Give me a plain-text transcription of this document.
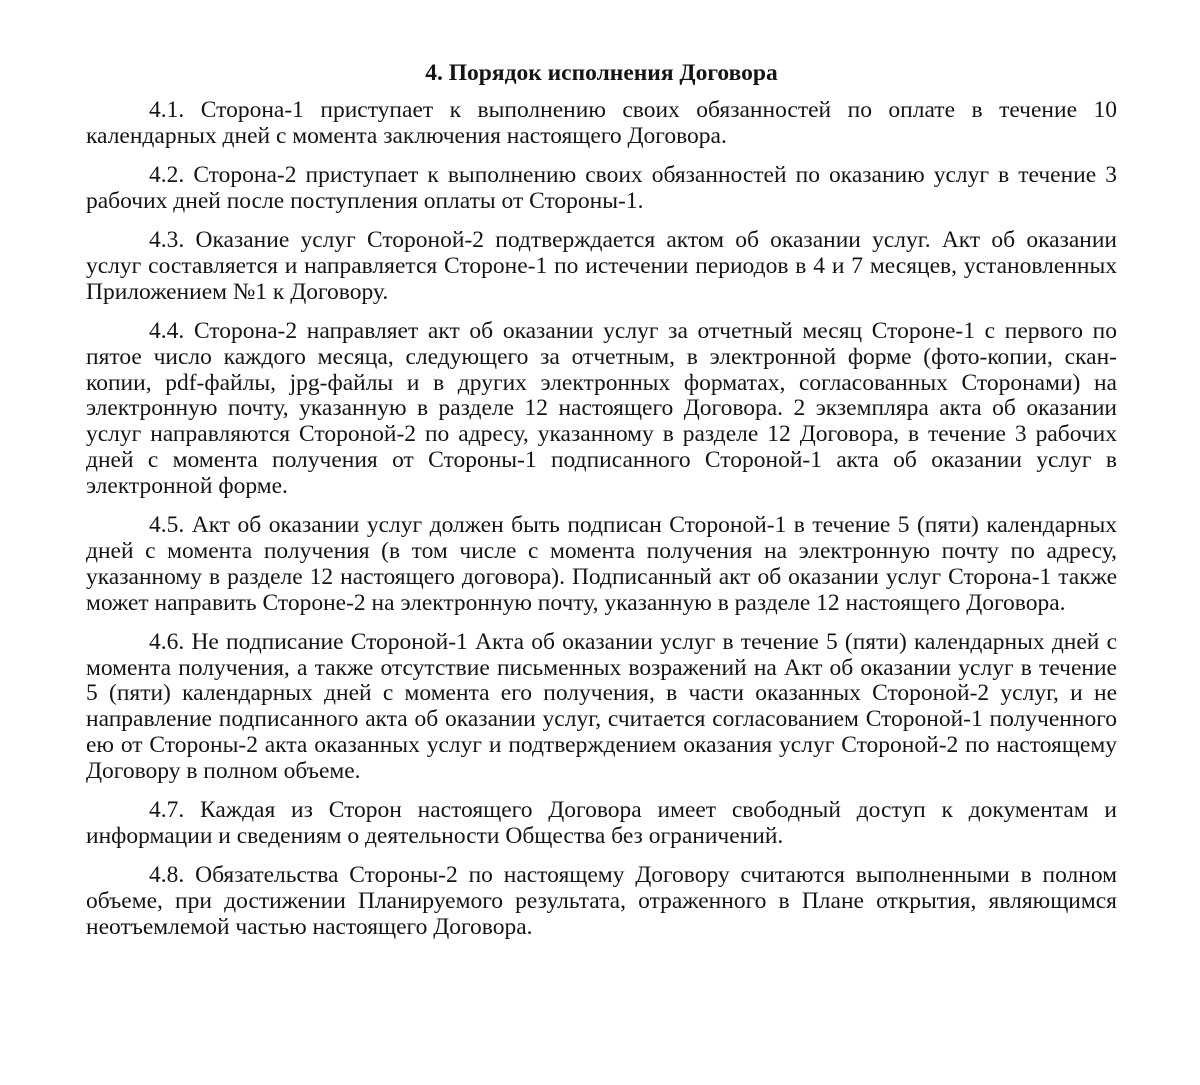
4. Порядок исполнения Договора

4.1. Сторона-1 приступает к выполнению своих обязанностей по оплате в течение 10 календарных дней с момента заключения настоящего Договора.

4.2. Сторона-2 приступает к выполнению своих обязанностей по оказанию услуг в течение 3 рабочих дней после поступления оплаты от Стороны-1.

4.3. Оказание услуг Стороной-2 подтверждается актом об оказании услуг. Акт об оказании услуг составляется и направляется Стороне-1 по истечении периодов в 4 и 7 месяцев, установленных Приложением №1 к Договору.

4.4. Сторона-2 направляет акт об оказании услуг за отчетный месяц Стороне-1 с первого по пятое число каждого месяца, следующего за отчетным, в электронной форме (фото-копии, скан-копии, pdf-файлы, jpg-файлы и в других электронных форматах, согласованных Сторонами) на электронную почту, указанную в разделе 12 настоящего Договора. 2 экземпляра акта об оказании услуг направляются Стороной-2 по адресу, указанному в разделе 12 Договора, в течение 3 рабочих дней с момента получения от Стороны-1 подписанного Стороной-1 акта об оказании услуг в электронной форме.

4.5. Акт об оказании услуг должен быть подписан Стороной-1 в течение 5 (пяти) календарных дней с момента получения (в том числе с момента получения на электронную почту по адресу, указанному в разделе 12 настоящего договора). Подписанный акт об оказании услуг Сторона-1 также может направить Стороне-2 на электронную почту, указанную в разделе 12 настоящего Договора.

4.6. Не подписание Стороной-1 Акта об оказании услуг в течение 5 (пяти) календарных дней с момента получения, а также отсутствие письменных возражений на Акт об оказании услуг в течение 5 (пяти) календарных дней с момента его получения, в части оказанных Стороной-2 услуг, и не направление подписанного акта об оказании услуг, считается согласованием Стороной-1 полученного ею от Стороны-2 акта оказанных услуг и подтверждением оказания услуг Стороной-2 по настоящему Договору в полном объеме.

4.7. Каждая из Сторон настоящего Договора имеет свободный доступ к документам и информации и сведениям о деятельности Общества без ограничений.

4.8. Обязательства Стороны-2 по настоящему Договору считаются выполненными в полном объеме, при достижении Планируемого результата, отраженного в Плане открытия, являющимся неотъемлемой частью настоящего Договора.
